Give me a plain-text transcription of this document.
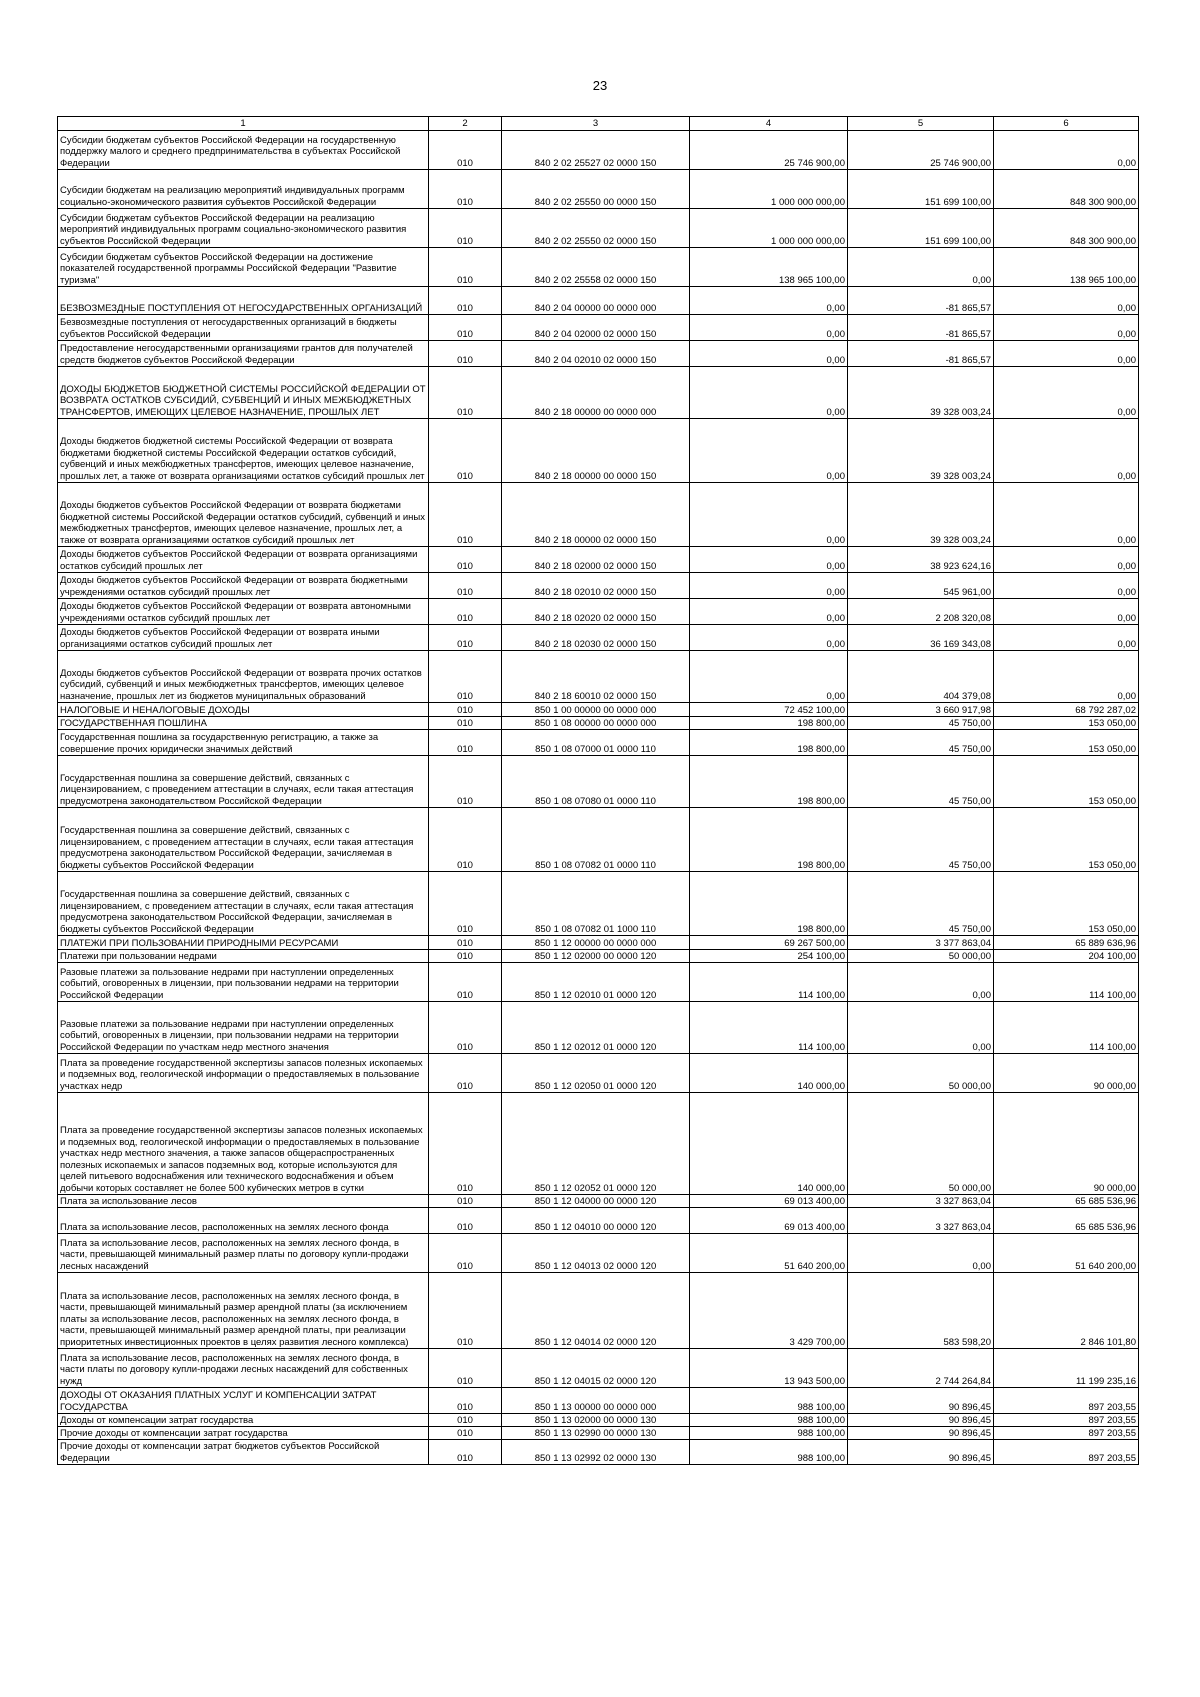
23
1	2	3	4	5	6
Субсидии бюджетам субъектов Российской Федерации на государственную поддержку малого и среднего предпринимательства в субъектах Российской Федерации	010	840 2 02 25527 02 0000 150	25 746 900,00	25 746 900,00	0,00
Субсидии бюджетам на реализацию мероприятий индивидуальных программ социально-экономического развития субъектов Российской Федерации	010	840 2 02 25550 00 0000 150	1 000 000 000,00	151 699 100,00	848 300 900,00
Субсидии бюджетам субъектов Российской Федерации на реализацию мероприятий индивидуальных программ социально-экономического развития субъектов Российской Федерации	010	840 2 02 25550 02 0000 150	1 000 000 000,00	151 699 100,00	848 300 900,00
Субсидии бюджетам субъектов Российской Федерации на достижение показателей государственной программы Российской Федерации "Развитие туризма"	010	840 2 02 25558 02 0000 150	138 965 100,00	0,00	138 965 100,00
БЕЗВОЗМЕЗДНЫЕ ПОСТУПЛЕНИЯ ОТ НЕГОСУДАРСТВЕННЫХ ОРГАНИЗАЦИЙ	010	840 2 04 00000 00 0000 000	0,00	-81 865,57	0,00
Безвозмездные поступления от негосударственных организаций в бюджеты субъектов Российской Федерации	010	840 2 04 02000 02 0000 150	0,00	-81 865,57	0,00
Предоставление негосударственными организациями грантов для получателей средств бюджетов субъектов Российской Федерации	010	840 2 04 02010 02 0000 150	0,00	-81 865,57	0,00
ДОХОДЫ БЮДЖЕТОВ БЮДЖЕТНОЙ СИСТЕМЫ РОССИЙСКОЙ ФЕДЕРАЦИИ ОТ ВОЗВРАТА ОСТАТКОВ СУБСИДИЙ, СУБВЕНЦИЙ И ИНЫХ МЕЖБЮДЖЕТНЫХ ТРАНСФЕРТОВ, ИМЕЮЩИХ ЦЕЛЕВОЕ НАЗНАЧЕНИЕ, ПРОШЛЫХ ЛЕТ	010	840 2 18 00000 00 0000 000	0,00	39 328 003,24	0,00
Доходы бюджетов бюджетной системы Российской Федерации от возврата бюджетами бюджетной системы Российской Федерации остатков субсидий, субвенций и иных межбюджетных трансфертов, имеющих целевое назначение, прошлых лет, а также от возврата организациями остатков субсидий прошлых лет	010	840 2 18 00000 00 0000 150	0,00	39 328 003,24	0,00
Доходы бюджетов субъектов Российской Федерации от возврата бюджетами бюджетной системы Российской Федерации остатков субсидий, субвенций и иных межбюджетных трансфертов, имеющих целевое назначение, прошлых лет, а также от возврата организациями остатков субсидий прошлых лет	010	840 2 18 00000 02 0000 150	0,00	39 328 003,24	0,00
Доходы бюджетов субъектов Российской Федерации от возврата организациями остатков субсидий прошлых лет	010	840 2 18 02000 02 0000 150	0,00	38 923 624,16	0,00
Доходы бюджетов субъектов Российской Федерации от возврата бюджетными учреждениями остатков субсидий прошлых лет	010	840 2 18 02010 02 0000 150	0,00	545 961,00	0,00
Доходы бюджетов субъектов Российской Федерации от возврата автономными учреждениями остатков субсидий прошлых лет	010	840 2 18 02020 02 0000 150	0,00	2 208 320,08	0,00
Доходы бюджетов субъектов Российской Федерации от возврата иными организациями остатков субсидий прошлых лет	010	840 2 18 02030 02 0000 150	0,00	36 169 343,08	0,00
Доходы бюджетов субъектов Российской Федерации от возврата прочих остатков субсидий, субвенций и иных межбюджетных трансфертов, имеющих целевое назначение, прошлых лет из бюджетов муниципальных образований	010	840 2 18 60010 02 0000 150	0,00	404 379,08	0,00
НАЛОГОВЫЕ И НЕНАЛОГОВЫЕ ДОХОДЫ	010	850 1 00 00000 00 0000 000	72 452 100,00	3 660 917,98	68 792 287,02
ГОСУДАРСТВЕННАЯ ПОШЛИНА	010	850 1 08 00000 00 0000 000	198 800,00	45 750,00	153 050,00
Государственная пошлина за государственную регистрацию, а также за совершение прочих юридически значимых действий	010	850 1 08 07000 01 0000 110	198 800,00	45 750,00	153 050,00
Государственная пошлина за совершение действий, связанных с лицензированием, с проведением аттестации в случаях, если такая аттестация предусмотрена законодательством Российской Федерации	010	850 1 08 07080 01 0000 110	198 800,00	45 750,00	153 050,00
Государственная пошлина за совершение действий, связанных с лицензированием, с проведением аттестации в случаях, если такая аттестация предусмотрена законодательством Российской Федерации, зачисляемая в бюджеты субъектов Российской Федерации	010	850 1 08 07082 01 0000 110	198 800,00	45 750,00	153 050,00
Государственная пошлина за совершение действий, связанных с лицензированием, с проведением аттестации в случаях, если такая аттестация предусмотрена законодательством Российской Федерации, зачисляемая в бюджеты субъектов Российской Федерации	010	850 1 08 07082 01 1000 110	198 800,00	45 750,00	153 050,00
ПЛАТЕЖИ ПРИ ПОЛЬЗОВАНИИ ПРИРОДНЫМИ РЕСУРСАМИ	010	850 1 12 00000 00 0000 000	69 267 500,00	3 377 863,04	65 889 636,96
Платежи при пользовании недрами	010	850 1 12 02000 00 0000 120	254 100,00	50 000,00	204 100,00
Разовые платежи за пользование недрами при наступлении определенных событий, оговоренных в лицензии, при пользовании недрами на территории Российской Федерации	010	850 1 12 02010 01 0000 120	114 100,00	0,00	114 100,00
Разовые платежи за пользование недрами при наступлении определенных событий, оговоренных в лицензии, при пользовании недрами на территории Российской Федерации по участкам недр местного значения	010	850 1 12 02012 01 0000 120	114 100,00	0,00	114 100,00
Плата за проведение государственной экспертизы запасов полезных ископаемых и подземных вод, геологической информации о предоставляемых в пользование участках недр	010	850 1 12 02050 01 0000 120	140 000,00	50 000,00	90 000,00
Плата за проведение государственной экспертизы запасов полезных ископаемых и подземных вод, геологической информации о предоставляемых в пользование участках недр местного значения, а также запасов общераспространенных полезных ископаемых и запасов подземных вод, которые используются для целей питьевого водоснабжения или технического водоснабжения и объем добычи которых составляет не более 500 кубических метров в сутки	010	850 1 12 02052 01 0000 120	140 000,00	50 000,00	90 000,00
Плата за использование лесов	010	850 1 12 04000 00 0000 120	69 013 400,00	3 327 863,04	65 685 536,96
Плата за использование лесов, расположенных на землях лесного фонда	010	850 1 12 04010 00 0000 120	69 013 400,00	3 327 863,04	65 685 536,96
Плата за использование лесов, расположенных на землях лесного фонда, в части, превышающей минимальный размер платы по договору купли-продажи лесных насаждений	010	850 1 12 04013 02 0000 120	51 640 200,00	0,00	51 640 200,00
Плата за использование лесов, расположенных на землях лесного фонда, в части, превышающей минимальный размер арендной платы (за исключением платы за использование лесов, расположенных на землях лесного фонда, в части, превышающей минимальный размер арендной платы, при реализации приоритетных инвестиционных проектов в целях развития лесного комплекса)	010	850 1 12 04014 02 0000 120	3 429 700,00	583 598,20	2 846 101,80
Плата за использование лесов, расположенных на землях лесного фонда, в части платы по договору купли-продажи лесных насаждений для собственных нужд	010	850 1 12 04015 02 0000 120	13 943 500,00	2 744 264,84	11 199 235,16
ДОХОДЫ ОТ ОКАЗАНИЯ ПЛАТНЫХ УСЛУГ И КОМПЕНСАЦИИ ЗАТРАТ ГОСУДАРСТВА	010	850 1 13 00000 00 0000 000	988 100,00	90 896,45	897 203,55
Доходы от компенсации затрат государства	010	850 1 13 02000 00 0000 130	988 100,00	90 896,45	897 203,55
Прочие доходы от компенсации затрат государства	010	850 1 13 02990 00 0000 130	988 100,00	90 896,45	897 203,55
Прочие доходы от компенсации затрат бюджетов субъектов Российской Федерации	010	850 1 13 02992 02 0000 130	988 100,00	90 896,45	897 203,55
